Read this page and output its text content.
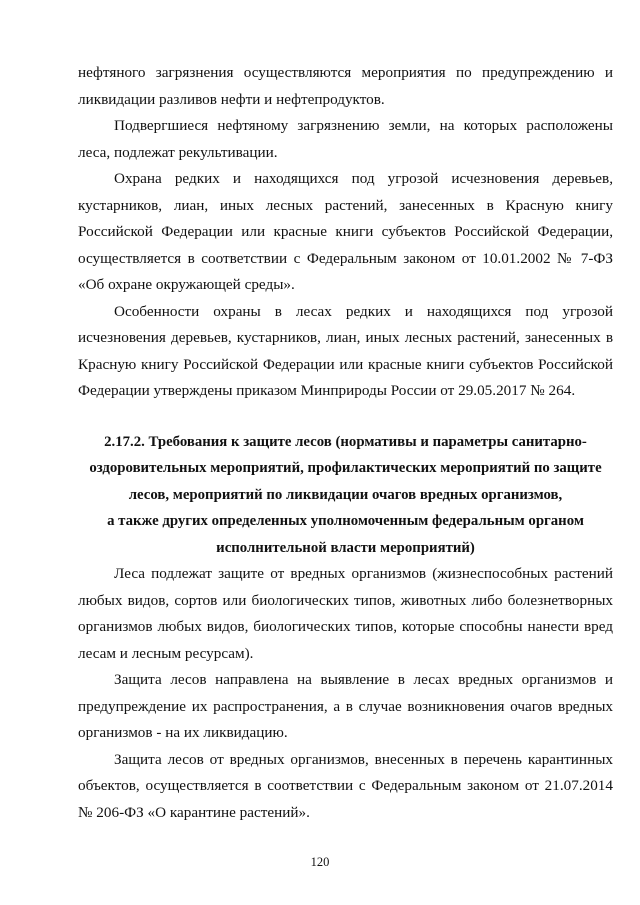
нефтяного загрязнения осуществляются мероприятия по предупреждению и
ликвидации разливов нефти и нефтепродуктов.
Подвергшиеся нефтяному загрязнению земли, на которых расположены
леса, подлежат рекультивации.
Охрана редких и находящихся под угрозой исчезновения деревьев,
кустарников, лиан, иных лесных растений, занесенных в Красную книгу
Российской Федерации или красные книги субъектов Российской Федерации,
осуществляется в соответствии с Федеральным законом от 10.01.2002 № 7-ФЗ
«Об охране окружающей среды».
Особенности охраны в лесах редких и находящихся под угрозой
исчезновения деревьев, кустарников, лиан, иных лесных растений, занесенных в
Красную книгу Российской Федерации или красные книги субъектов Российской
Федерации утверждены приказом Минприроды России от 29.05.2017 № 264.
2.17.2. Требования к защите лесов (нормативы и параметры санитарно-
оздоровительных мероприятий, профилактических мероприятий по защите
лесов, мероприятий по ликвидации очагов вредных организмов,
а также других определенных уполномоченным федеральным органом
исполнительной власти мероприятий)
Леса подлежат защите от вредных организмов (жизнеспособных растений
любых видов, сортов или биологических типов, животных либо болезнетворных
организмов любых видов, биологических типов, которые способны нанести вред
лесам и лесным ресурсам).
Защита лесов направлена на выявление в лесах вредных организмов и
предупреждение их распространения, а в случае возникновения очагов вредных
организмов - на их ликвидацию.
Защита лесов от вредных организмов, внесенных в перечень карантинных
объектов, осуществляется в соответствии с Федеральным законом от 21.07.2014
№ 206-ФЗ «О карантине растений».
120
